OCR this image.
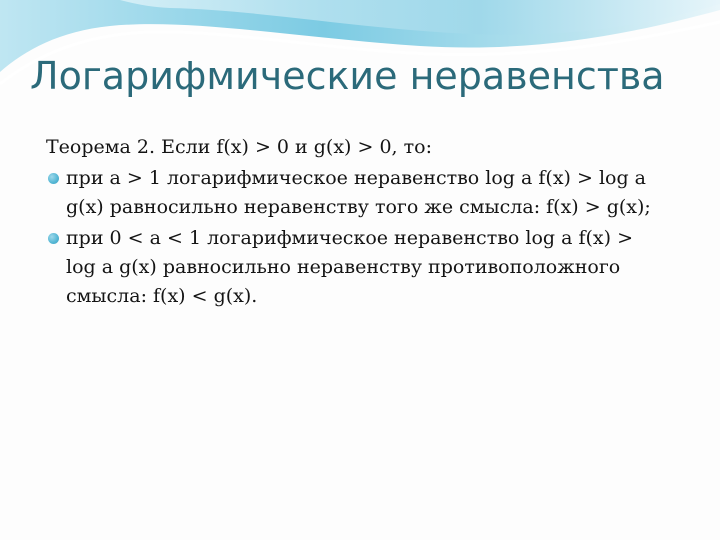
Логарифмические неравенства

Теорема 2. Если f(x) > 0 и g(x) > 0, то:

при a > 1 логарифмическое неравенство log a f(x) > log a g(x) равносильно неравенству того же смысла: f(x) > g(x);
при 0 < a < 1 логарифмическое неравенство log a f(x) > log a g(x) равносильно неравенству противоположного смысла: f(x) < g(x).
